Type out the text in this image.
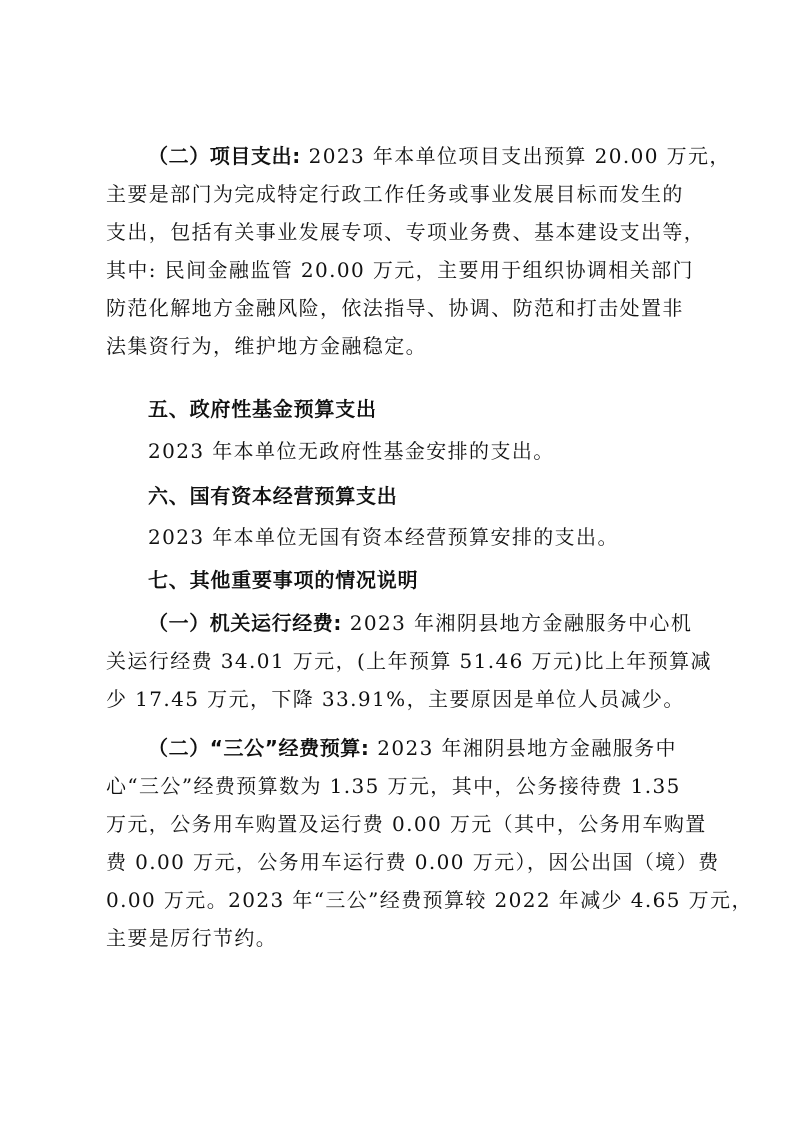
（二）项目支出: 2023 年本单位项目支出预算 20.00 万元，
主要是部门为完成特定行政工作任务或事业发展目标而发生的
支出，包括有关事业发展专项、专项业务费、基本建设支出等，
其中: 民间金融监管 20.00 万元，主要用于组织协调相关部门
防范化解地方金融风险，依法指导、协调、防范和打击处置非
法集资行为，维护地方金融稳定。
五、政府性基金预算支出
2023 年本单位无政府性基金安排的支出。
六、国有资本经营预算支出
2023 年本单位无国有资本经营预算安排的支出。
七、其他重要事项的情况说明
（一）机关运行经费: 2023 年湘阴县地方金融服务中心机
关运行经费 34.01 万元，(上年预算 51.46 万元)比上年预算减
少 17.45 万元，下降 33.91%，主要原因是单位人员减少。
（二）“三公”经费预算: 2023 年湘阴县地方金融服务中
心“三公”经费预算数为 1.35 万元，其中，公务接待费 1.35
万元，公务用车购置及运行费 0.00 万元（其中，公务用车购置
费 0.00 万元，公务用车运行费 0.00 万元），因公出国（境）费
0.00 万元。2023 年“三公”经费预算较 2022 年减少 4.65 万元，
主要是厉行节约。
